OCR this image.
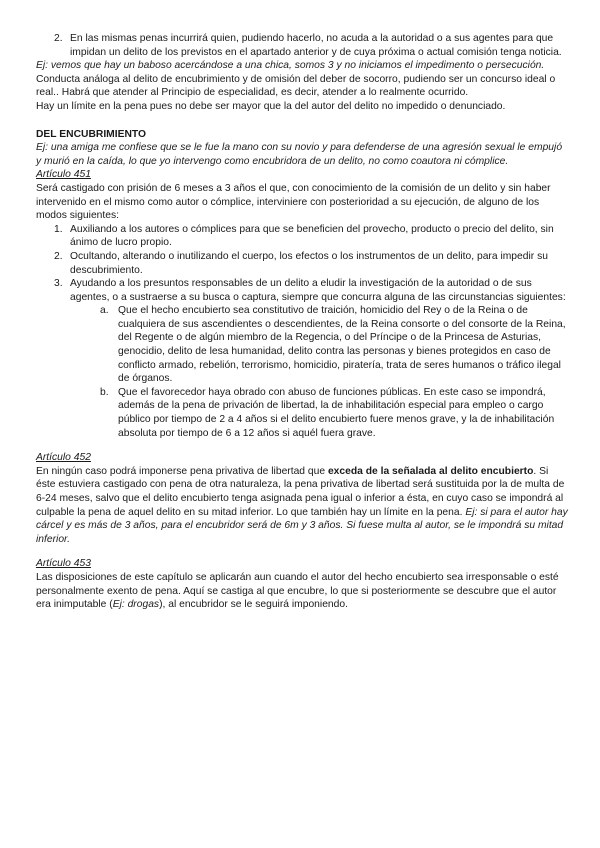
2. En las mismas penas incurrirá quien, pudiendo hacerlo, no acuda a la autoridad o a sus agentes para que impidan un delito de los previstos en el apartado anterior y de cuya próxima o actual comisión tenga noticia.

Ej: vemos que hay un baboso acercándose a una chica, somos 3 y no iniciamos el impedimento o persecución.

Conducta análoga al delito de encubrimiento y de omisión del deber de socorro, pudiendo ser un concurso ideal o real.. Habrá que atender al Principio de especialidad, es decir, atender a lo realmente ocurrido.

Hay un límite en la pena pues no debe ser mayor que la del autor del delito no impedido o denunciado.

DEL ENCUBRIMIENTO

Ej: una amiga me confiese que se le fue la mano con su novio y para defenderse de una agresión sexual le empujó y murió en la caída, lo que yo intervengo como encubridora de un delito, no como coautora ni cómplice.

Artículo 451

Será castigado con prisión de 6 meses a 3 años el que, con conocimiento de la comisión de un delito y sin haber intervenido en el mismo como autor o cómplice, interviniere con posterioridad a su ejecución, de alguno de los modos siguientes:

1. Auxiliando a los autores o cómplices para que se beneficien del provecho, producto o precio del delito, sin ánimo de lucro propio.

2. Ocultando, alterando o inutilizando el cuerpo, los efectos o los instrumentos de un delito, para impedir su descubrimiento.

3. Ayudando a los presuntos responsables de un delito a eludir la investigación de la autoridad o de sus agentes, o a sustraerse a su busca o captura, siempre que concurra alguna de las circunstancias siguientes:

a. Que el hecho encubierto sea constitutivo de traición, homicidio del Rey o de la Reina o de cualquiera de sus ascendientes o descendientes, de la Reina consorte o del consorte de la Reina, del Regente o de algún miembro de la Regencia, o del Príncipe o de la Princesa de Asturias, genocidio, delito de lesa humanidad, delito contra las personas y bienes protegidos en caso de conflicto armado, rebelión, terrorismo, homicidio, piratería, trata de seres humanos o tráfico ilegal de órganos.

b. Que el favorecedor haya obrado con abuso de funciones públicas. En este caso se impondrá, además de la pena de privación de libertad, la de inhabilitación especial para empleo o cargo público por tiempo de 2 a 4 años si el delito encubierto fuere menos grave, y la de inhabilitación absoluta por tiempo de 6 a 12 años si aquél fuera grave.

Artículo 452

En ningún caso podrá imponerse pena privativa de libertad que exceda de la señalada al delito encubierto. Si éste estuviera castigado con pena de otra naturaleza, la pena privativa de libertad será sustituida por la de multa de 6-24 meses, salvo que el delito encubierto tenga asignada pena igual o inferior a ésta, en cuyo caso se impondrá al culpable la pena de aquel delito en su mitad inferior. Lo que también hay un límite en la pena. Ej: si para el autor hay cárcel y es más de 3 años, para el encubridor será de 6m y 3 años. Si fuese multa al autor, se le impondrá su mitad inferior.

Artículo 453

Las disposiciones de este capítulo se aplicarán aun cuando el autor del hecho encubierto sea irresponsable o esté personalmente exento de pena. Aquí se castiga al que encubre, lo que si posteriormente se descubre que el autor era inimputable (Ej: drogas), al encubridor se le seguirá imponiendo.
